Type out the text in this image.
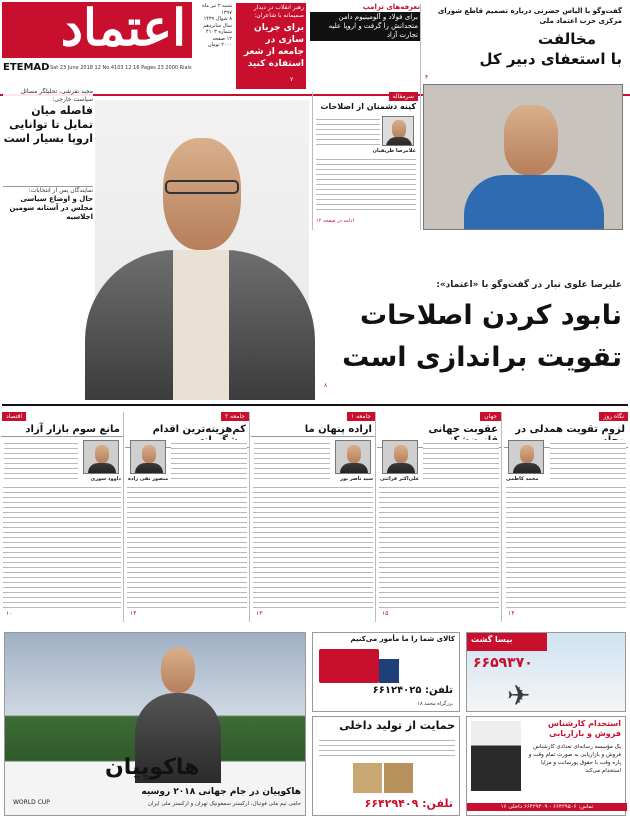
اعتماد
ETEMAD Sat 23 June 2018 12 No 4103 12 16 Pages 23 2000 Rials
شنبه ۲ تیر ماه ۱۳۹۷
۸ شوال ۱۴۳۹
سال شانزدهم
شماره ۴۱۰۳
۱۲ صفحه
۲۰۰۰ تومان
رهبر انقلاب در دیدار صمیمانه با شاعران:
برای جریان سازی در جامعه از شعر استفاده کنید
۷
تعرفه‌های ترامپ
برای فولاد و آلومینیوم دامن متحدانش را گرفت و اروپا علیه تجارت آزاد
گفت‌وگو با الیاس حضرتی درباره تصمیم قاطع شورای مرکزی حزب اعتماد ملی
مخالفت
با استعفای دبیر کل
۴
سرمقاله
کینه دشمنان از اصلاحات
غلامرضا ظریفیان
ادامه در صفحه ۱۲
مجید تفرشی، تحلیلگر مسائل سیاست خارجی:
فاصله میان تمایل تا توانایی اروپا بسیار است
نمایندگان پس از انتخابات:
حال و اوضاع سیاسی مجلس در آستانه سومین اجلاسیه
علیرضا علوی تبار در گفت‌وگو با «اعتماد»:
نابود کردن اصلاحات
تقویت براندازی است
۸
نگاه روز
لزوم تقویت همدلی در
محمد کاظمی
۱۴
جهان
عقوبت جهانی
علی‌اکبر قرائتی
۱۵
جامعه ۱
اراده پنهان ما
سید ناصر پور
۱۳
جامعه ۲
کم‌هزینه‌ترین اقدام
منصور تقی زاده
۱۴
اقتصاد
مانع سوم بازار آزاد
داوود سوری
۱۰
WORLD CUP
هاکوپیان
هاکوپیان در جام جهانی ۲۰۱۸ روسیه
حامی تیم ملی فوتبال، ارکستر سمفونیک تهران و ارکستر ملی ایران
کالای شما را ما مأمور می‌کنیم
تلفن: ۶۶۱۲۴۰۲۵
بزرگراه محمد ۱۸
بیسا گشت
۶۶۵۹۳۷۰
✈
حمایت از تولید داخلی
تلفن: ۶۶۴۲۹۴۰۹
استخدام کارشناس فروش و بازاریابی
یک مؤسسه رسانه‌ای تعدادی کارشناس فروش و بازاریابی به صورت تمام وقت و پاره وقت با حقوق پورسانت و مزایا استخدام می‌کند
تماس: ۶۶۴۲۹۵۰۶ - ۶۶۴۲۹۴۰۹ داخلی ۱۶
